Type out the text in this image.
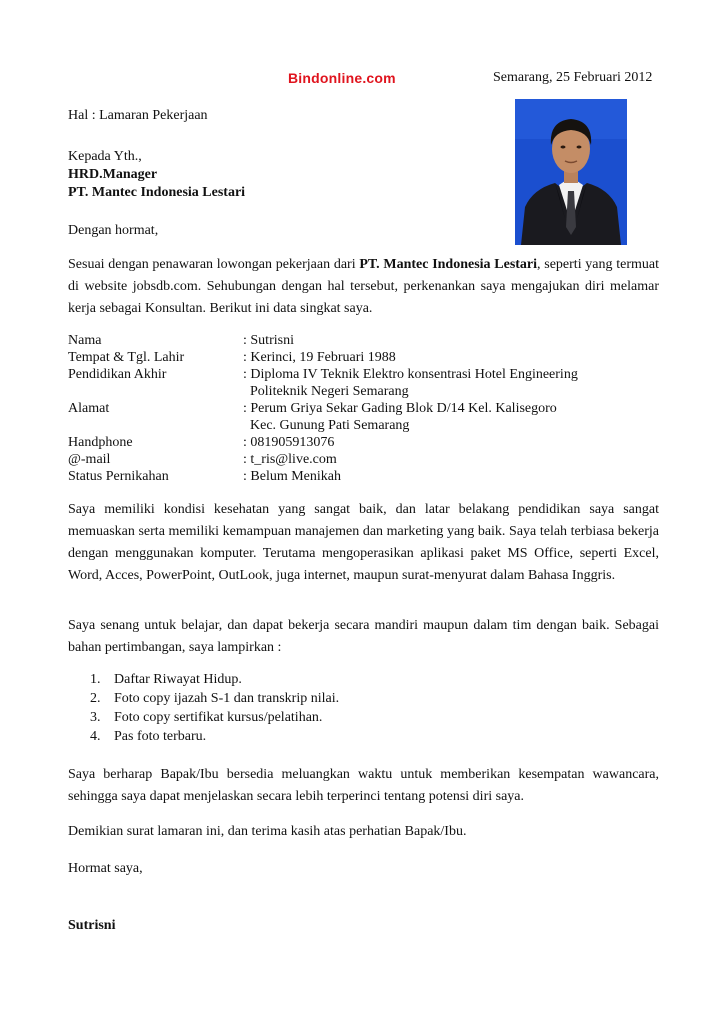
Bindonline.com	Semarang, 25 Februari 2012
Hal : Lamaran Pekerjaan
Kepada Yth.,
HRD.Manager
PT. Mantec Indonesia Lestari
Dengan hormat,
Sesuai dengan penawaran lowongan pekerjaan dari PT. Mantec Indonesia Lestari, seperti yang termuat di website jobsdb.com. Sehubungan dengan hal tersebut, perkenankan saya mengajukan diri melamar kerja sebagai Konsultan. Berikut ini data singkat saya.
Nama	: Sutrisni
Tempat & Tgl. Lahir	: Kerinci, 19 Februari 1988
Pendidikan Akhir	: Diploma IV Teknik Elektro konsentrasi Hotel Engineering
Politeknik Negeri Semarang
Alamat	: Perum Griya Sekar Gading Blok D/14 Kel. Kalisegoro
Kec. Gunung Pati Semarang
Handphone	: 081905913076
@-mail	: t_ris@live.com
Status Pernikahan	: Belum Menikah
Saya memiliki kondisi kesehatan yang sangat baik, dan latar belakang pendidikan saya sangat memuaskan serta memiliki kemampuan manajemen dan marketing yang baik. Saya telah terbiasa bekerja dengan menggunakan komputer. Terutama mengoperasikan aplikasi paket MS Office, seperti Excel, Word, Acces, PowerPoint, OutLook, juga internet, maupun surat-menyurat dalam Bahasa Inggris.
Saya senang untuk belajar, dan dapat bekerja secara mandiri maupun dalam tim dengan baik. Sebagai bahan pertimbangan, saya lampirkan :
1. Daftar Riwayat Hidup.
2. Foto copy ijazah S-1 dan transkrip nilai.
3. Foto copy sertifikat kursus/pelatihan.
4. Pas foto terbaru.
Saya berharap Bapak/Ibu bersedia meluangkan waktu untuk memberikan kesempatan wawancara, sehingga saya dapat menjelaskan secara lebih terperinci tentang potensi diri saya.
Demikian surat lamaran ini, dan terima kasih atas perhatian Bapak/Ibu.
Hormat saya,
Sutrisni
